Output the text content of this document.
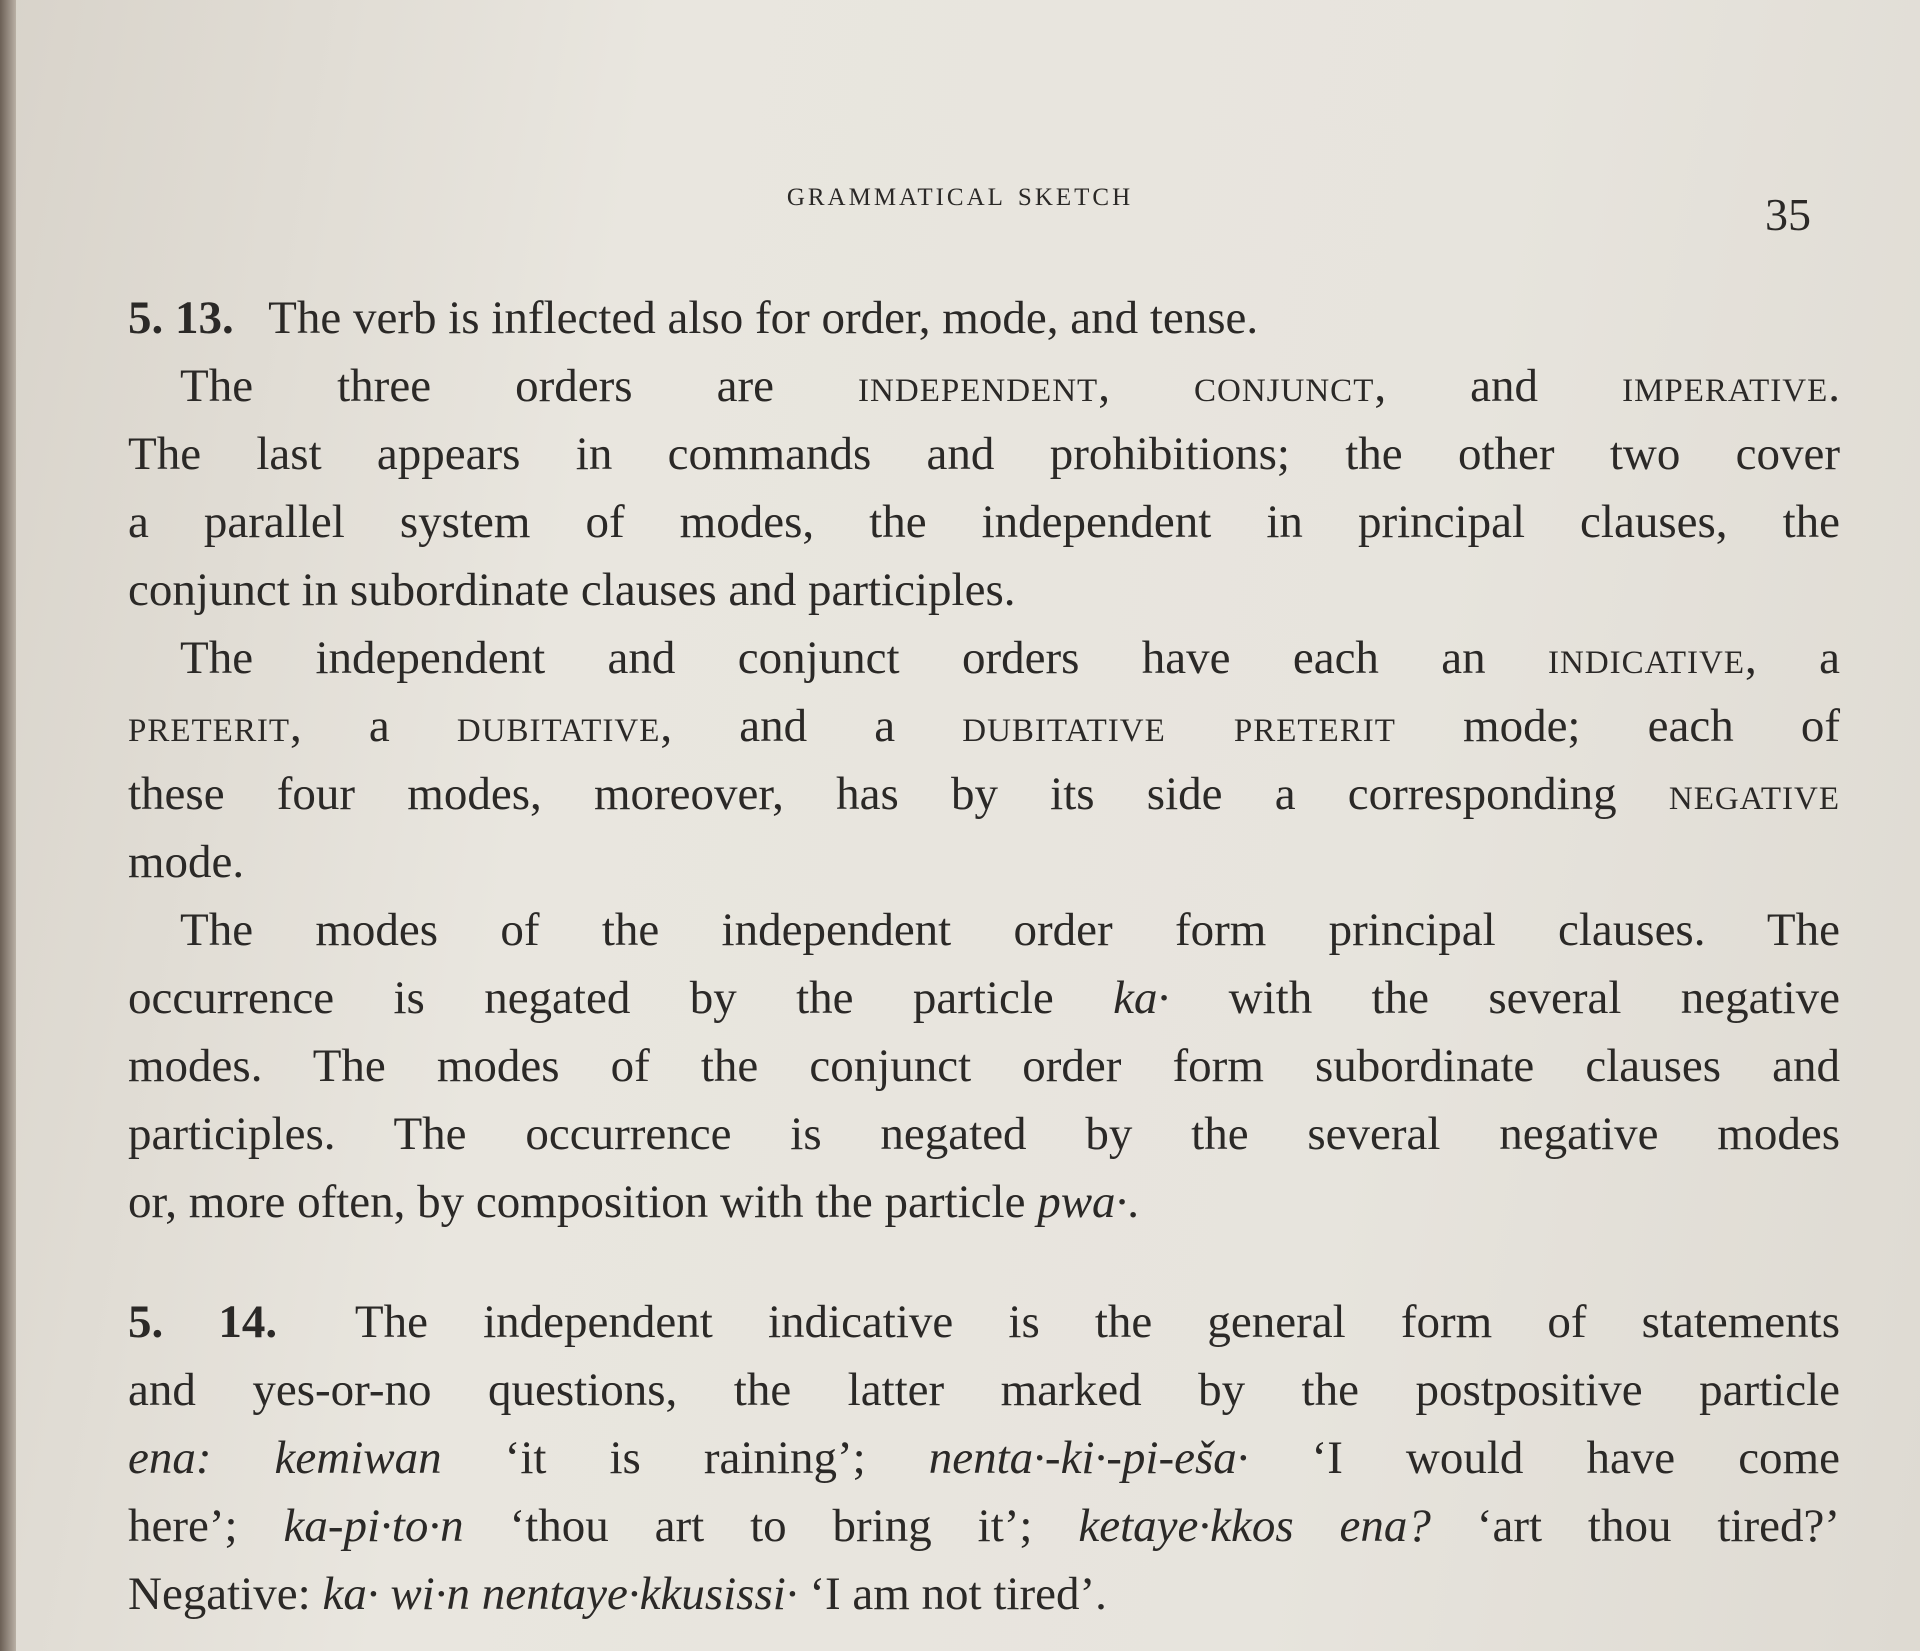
grammatical sketch	35
5. 13.  The verb is inflected also for order, mode, and tense.
The three orders are independent, conjunct, and imperative.
The last appears in commands and prohibitions; the other two cover
a parallel system of modes, the independent in principal clauses, the
conjunct in subordinate clauses and participles.
The independent and conjunct orders have each an indicative, a
preterit, a dubitative, and a dubitative preterit mode; each of
these four modes, moreover, has by its side a corresponding negative
mode.
The modes of the independent order form principal clauses. The
occurrence is negated by the particle ka· with the several negative
modes. The modes of the conjunct order form subordinate clauses and
participles. The occurrence is negated by the several negative modes
or, more often, by composition with the particle pwa·.
5. 14.  The independent indicative is the general form of statements
and yes-or-no questions, the latter marked by the postpositive particle
ena: kemiwan ‘it is raining’; nenta·-ki·-pi-eša· ‘I would have come
here’; ka-pi·to·n ‘thou art to bring it’; ketaye·kkos ena? ‘art thou tired?’
Negative: ka· wi·n nentaye·kkusissi· ‘I am not tired’.
